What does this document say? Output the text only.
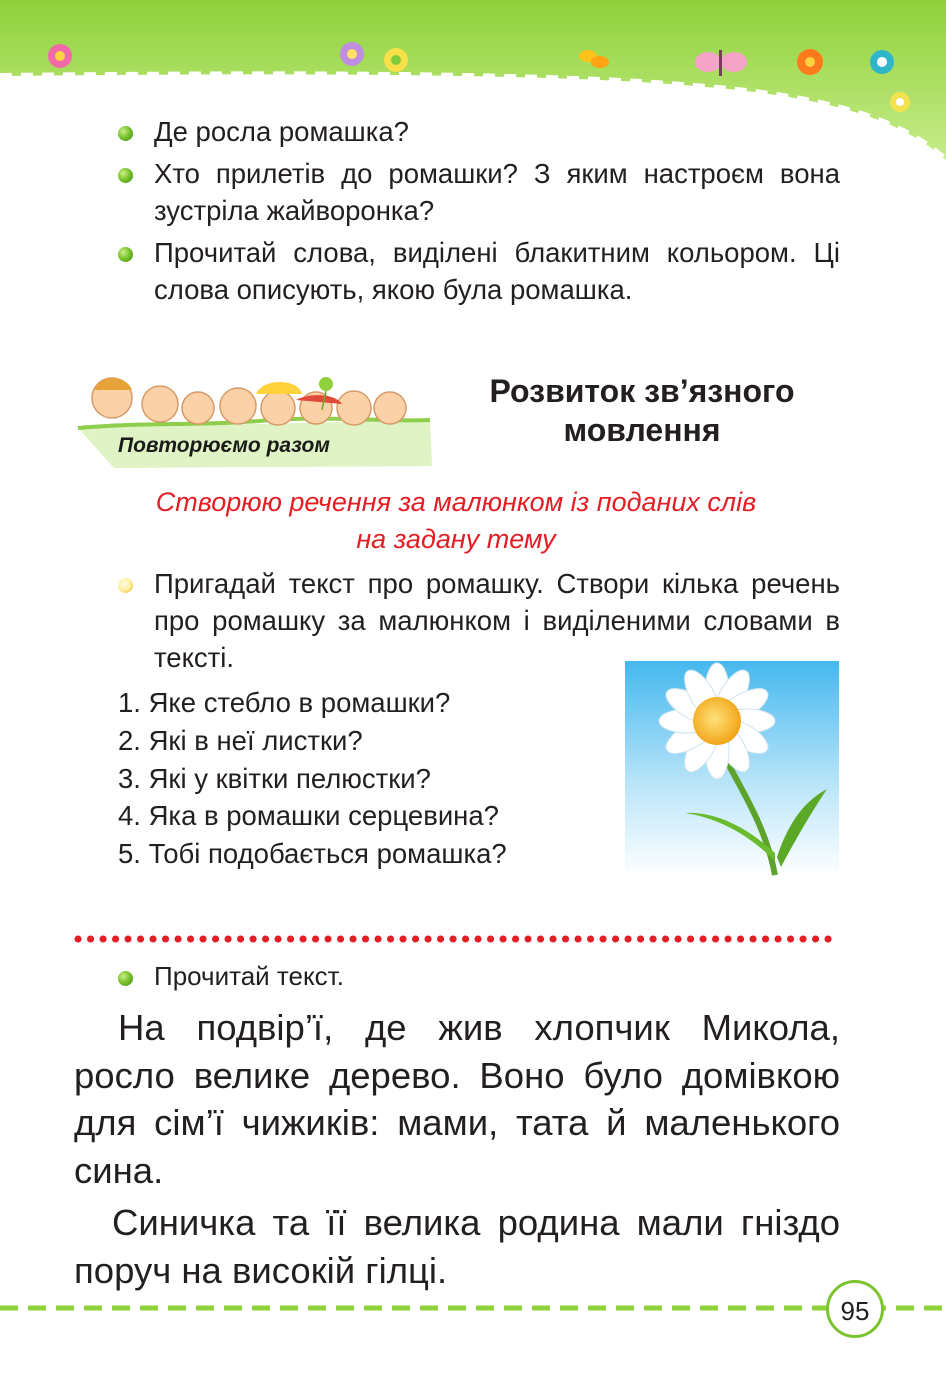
Де росла ромашка?
Хто прилетів до ромашки? З яким настроєм вона зустріла жайворонка?
Прочитай слова, виділені блакитним кольором. Ці слова описують, якою була ромашка.
Повторюємо разом
Розвиток зв’язного
мовлення
Створюю речення за малюнком із поданих слів
на задану тему
Пригадай текст про ромашку. Створи кілька речень про ромашку за малюнком і виділеними словами в тексті.
1. Яке стебло в ромашки?
2. Які в неї листки?
3. Які у квітки пелюстки?
4. Яка в ромашки серцевина?
5. Тобі подобається ромашка?
Прочитай текст.

На подвір’ї, де жив хлопчик Микола, росло велике дерево. Воно було домівкою для сім’ї чижиків: мами, тата й маленького сина.

Синичка та її велика родина мали гніздо поруч на високій гілці.

95
